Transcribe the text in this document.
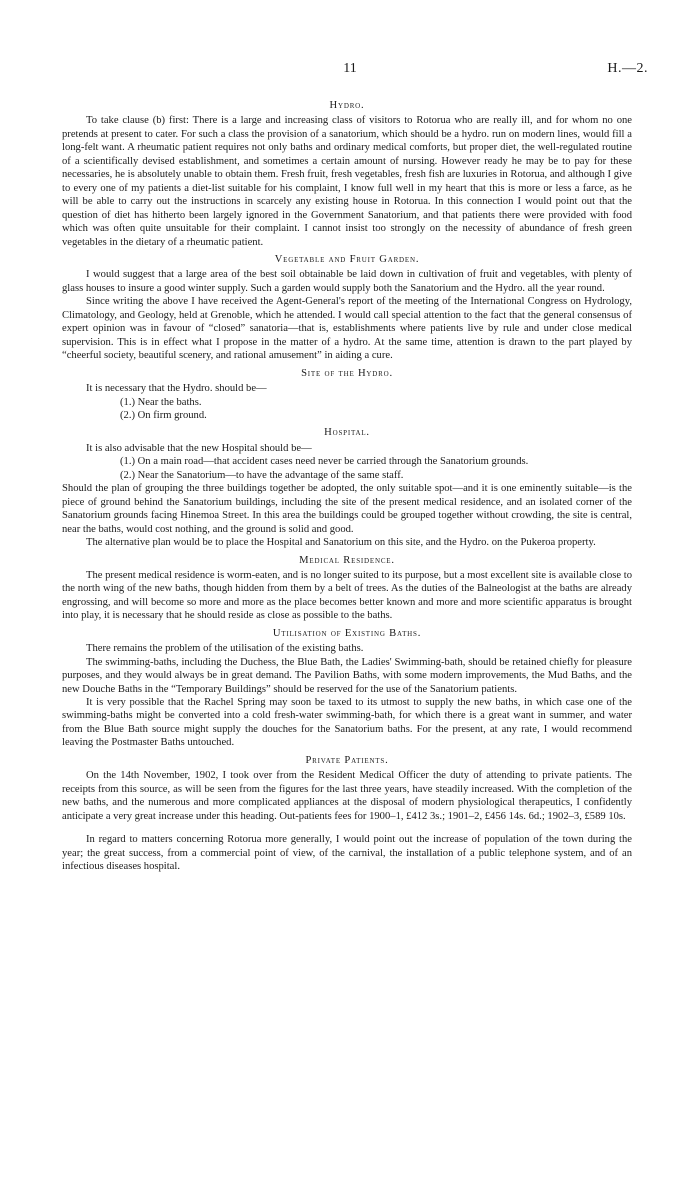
11	H.—2.
Hydro.

To take clause (b) first: There is a large and increasing class of visitors to Rotorua who are really ill, and for whom no one pretends at present to cater. For such a class the provision of a sanatorium, which should be a hydro. run on modern lines, would fill a long-felt want. A rheumatic patient requires not only baths and ordinary medical comforts, but proper diet, the well-regulated routine of a scientifically devised establishment, and sometimes a certain amount of nursing. However ready he may be to pay for these necessaries, he is absolutely unable to obtain them. Fresh fruit, fresh vegetables, fresh fish are luxuries in Rotorua, and although I give to every one of my patients a diet-list suitable for his complaint, I know full well in my heart that this is more or less a farce, as he will be able to carry out the instructions in scarcely any existing house in Rotorua. In this connection I would point out that the question of diet has hitherto been largely ignored in the Government Sanatorium, and that patients there were provided with food which was often quite unsuitable for their complaint. I cannot insist too strongly on the necessity of abundance of fresh green vegetables in the dietary of a rheumatic patient.

Vegetable and Fruit Garden.

I would suggest that a large area of the best soil obtainable be laid down in cultivation of fruit and vegetables, with plenty of glass houses to insure a good winter supply. Such a garden would supply both the Sanatorium and the Hydro. all the year round.

Since writing the above I have received the Agent-General's report of the meeting of the International Congress on Hydrology, Climatology, and Geology, held at Grenoble, which he attended. I would call special attention to the fact that the general consensus of expert opinion was in favour of “closed” sanatoria—that is, establishments where patients live by rule and under close medical supervision. This is in effect what I propose in the matter of a hydro. At the same time, attention is drawn to the part played by “cheerful society, beautiful scenery, and rational amusement” in aiding a cure.

Site of the Hydro.

It is necessary that the Hydro. should be—

(1.) Near the baths.

(2.) On firm ground.

Hospital.

It is also advisable that the new Hospital should be—

(1.) On a main road—that accident cases need never be carried through the Sanatorium grounds.

(2.) Near the Sanatorium—to have the advantage of the same staff.

Should the plan of grouping the three buildings together be adopted, the only suitable spot—and it is one eminently suitable—is the piece of ground behind the Sanatorium buildings, including the site of the present medical residence, and an isolated corner of the Sanatorium grounds facing Hinemoa Street. In this area the buildings could be grouped together without crowding, the site is central, near the baths, would cost nothing, and the ground is solid and good.

The alternative plan would be to place the Hospital and Sanatorium on this site, and the Hydro. on the Pukeroa property.

Medical Residence.

The present medical residence is worm-eaten, and is no longer suited to its purpose, but a most excellent site is available close to the north wing of the new baths, though hidden from them by a belt of trees. As the duties of the Balneologist at the baths are already engrossing, and will become so more and more as the place becomes better known and more and more scientific apparatus is brought into play, it is necessary that he should reside as close as possible to the baths.

Utilisation of Existing Baths.

There remains the problem of the utilisation of the existing baths.

The swimming-baths, including the Duchess, the Blue Bath, the Ladies' Swimming-bath, should be retained chiefly for pleasure purposes, and they would always be in great demand. The Pavilion Baths, with some modern improvements, the Mud Baths, and the new Douche Baths in the “Temporary Buildings” should be reserved for the use of the Sanatorium patients.

It is very possible that the Rachel Spring may soon be taxed to its utmost to supply the new baths, in which case one of the swimming-baths might be converted into a cold fresh-water swimming-bath, for which there is a great want in summer, and water from the Blue Bath source might supply the douches for the Sanatorium baths. For the present, at any rate, I would recommend leaving the Postmaster Baths untouched.

Private Patients.

On the 14th November, 1902, I took over from the Resident Medical Officer the duty of attending to private patients. The receipts from this source, as will be seen from the figures for the last three years, have steadily increased. With the completion of the new baths, and the numerous and more complicated appliances at the disposal of modern physiological therapeutics, I confidently anticipate a very great increase under this heading. Out-patients fees for 1900–1, £412 3s.; 1901–2, £456 14s. 6d.; 1902–3, £589 10s.

In regard to matters concerning Rotorua more generally, I would point out the increase of population of the town during the year; the great success, from a commercial point of view, of the carnival, the installation of a public telephone system, and of an infectious diseases hospital.
